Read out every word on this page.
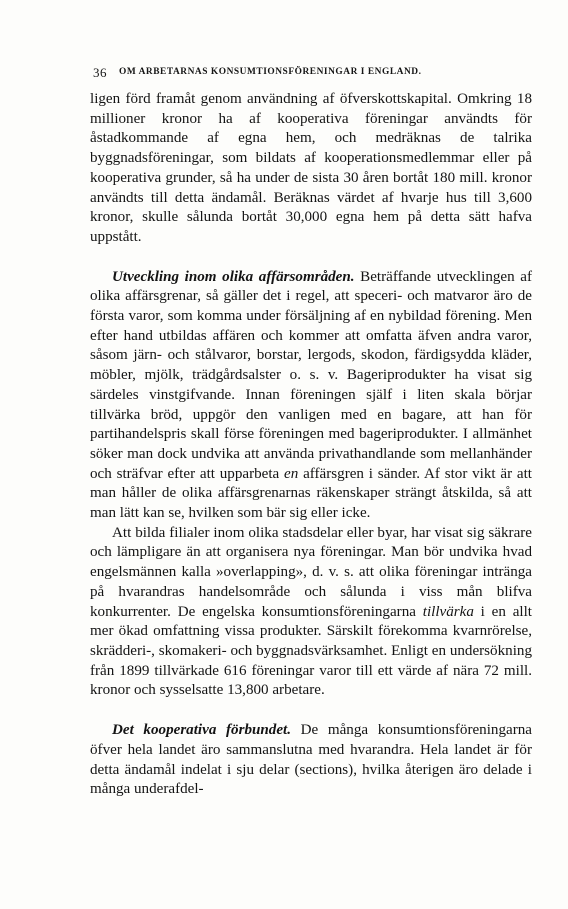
36 OM ARBETARNAS KONSUMTIONSFÖRENINGAR I ENGLAND.

ligen förd framåt genom användning af öfverskottskapital. Omkring 18 millioner kronor ha af kooperativa föreningar användts för åstadkommande af egna hem, och medräknas de talrika byggnadsföreningar, som bildats af kooperationsmedlemmar eller på kooperativa grunder, så ha under de sista 30 åren bortåt 180 mill. kronor användts till detta ändamål. Beräknas värdet af hvarje hus till 3,600 kronor, skulle sålunda bortåt 30,000 egna hem på detta sätt hafva uppstått.

Utveckling inom olika affärsområden. Beträffande utvecklingen af olika affärsgrenar, så gäller det i regel, att speceri- och matvaror äro de första varor, som komma under försäljning af en nybildad förening. Men efter hand utbildas affären och kommer att omfatta äfven andra varor, såsom järn- och stålvaror, borstar, lergods, skodon, färdigsydda kläder, möbler, mjölk, trädgårdsalster o. s. v. Bageriprodukter ha visat sig särdeles vinstgifvande. Innan föreningen själf i liten skala börjar tillvärka bröd, uppgör den vanligen med en bagare, att han för partihandelspris skall förse föreningen med bageriprodukter. I allmänhet söker man dock undvika att använda privathandlande som mellanhänder och sträfvar efter att upparbeta en affärsgren i sänder. Af stor vikt är att man håller de olika affärsgrenarnas räkenskaper strängt åtskilda, så att man lätt kan se, hvilken som bär sig eller icke.

Att bilda filialer inom olika stadsdelar eller byar, har visat sig säkrare och lämpligare än att organisera nya föreningar. Man bör undvika hvad engelsmännen kalla »overlapping», d. v. s. att olika föreningar intränga på hvarandras handelsområde och sålunda i viss mån blifva konkurrenter. De engelska konsumtionsföreningarna tillvärka i en allt mer ökad omfattning vissa produkter. Särskilt förekomma kvarnrörelse, skrädderi-, skomakeri- och byggnadsvärksamhet. Enligt en undersökning från 1899 tillvärkade 616 föreningar varor till ett värde af nära 72 mill. kronor och sysselsatte 13,800 arbetare.

Det kooperativa förbundet. De många konsumtionsföreningarna öfver hela landet äro sammanslutna med hvarandra. Hela landet är för detta ändamål indelat i sju delar (sections), hvilka återigen äro delade i många underafdel-
